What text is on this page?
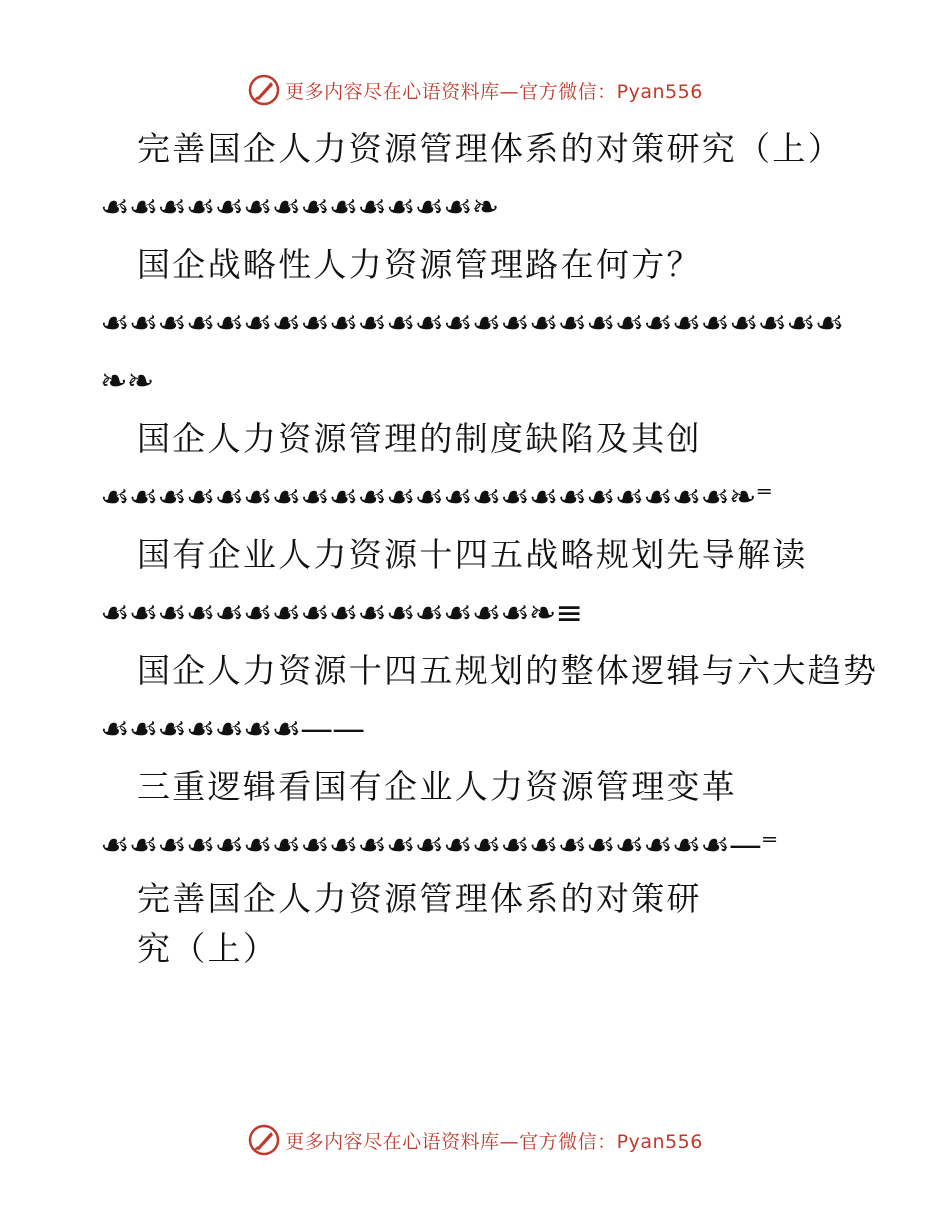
更多内容尽在心语资料库—官方微信：Pyan556
完善国企人力资源管理体系的对策研究（上）
☙☙☙☙☙☙☙☙☙☙☙☙☙❧
国企战略性人力资源管理路在何方？
☙☙☙☙☙☙☙☙☙☙☙☙☙☙☙☙☙☙☙☙☙☙☙☙☙☙❧❧
国企人力资源管理的制度缺陷及其创
☙☙☙☙☙☙☙☙☙☙☙☙☙☙☙☙☙☙☙☙☙☙❧⁼
国有企业人力资源十四五战略规划先导解读
☙☙☙☙☙☙☙☙☙☙☙☙☙☙☙❧≡
国企人力资源十四五规划的整体逻辑与六大趋势
☙☙☙☙☙☙☙——
三重逻辑看国有企业人力资源管理变革
☙☙☙☙☙☙☙☙☙☙☙☙☙☙☙☙☙☙☙☙☙☙—⁼
完善国企人力资源管理体系的对策研究（上）
更多内容尽在心语资料库—官方微信：Pyan556
